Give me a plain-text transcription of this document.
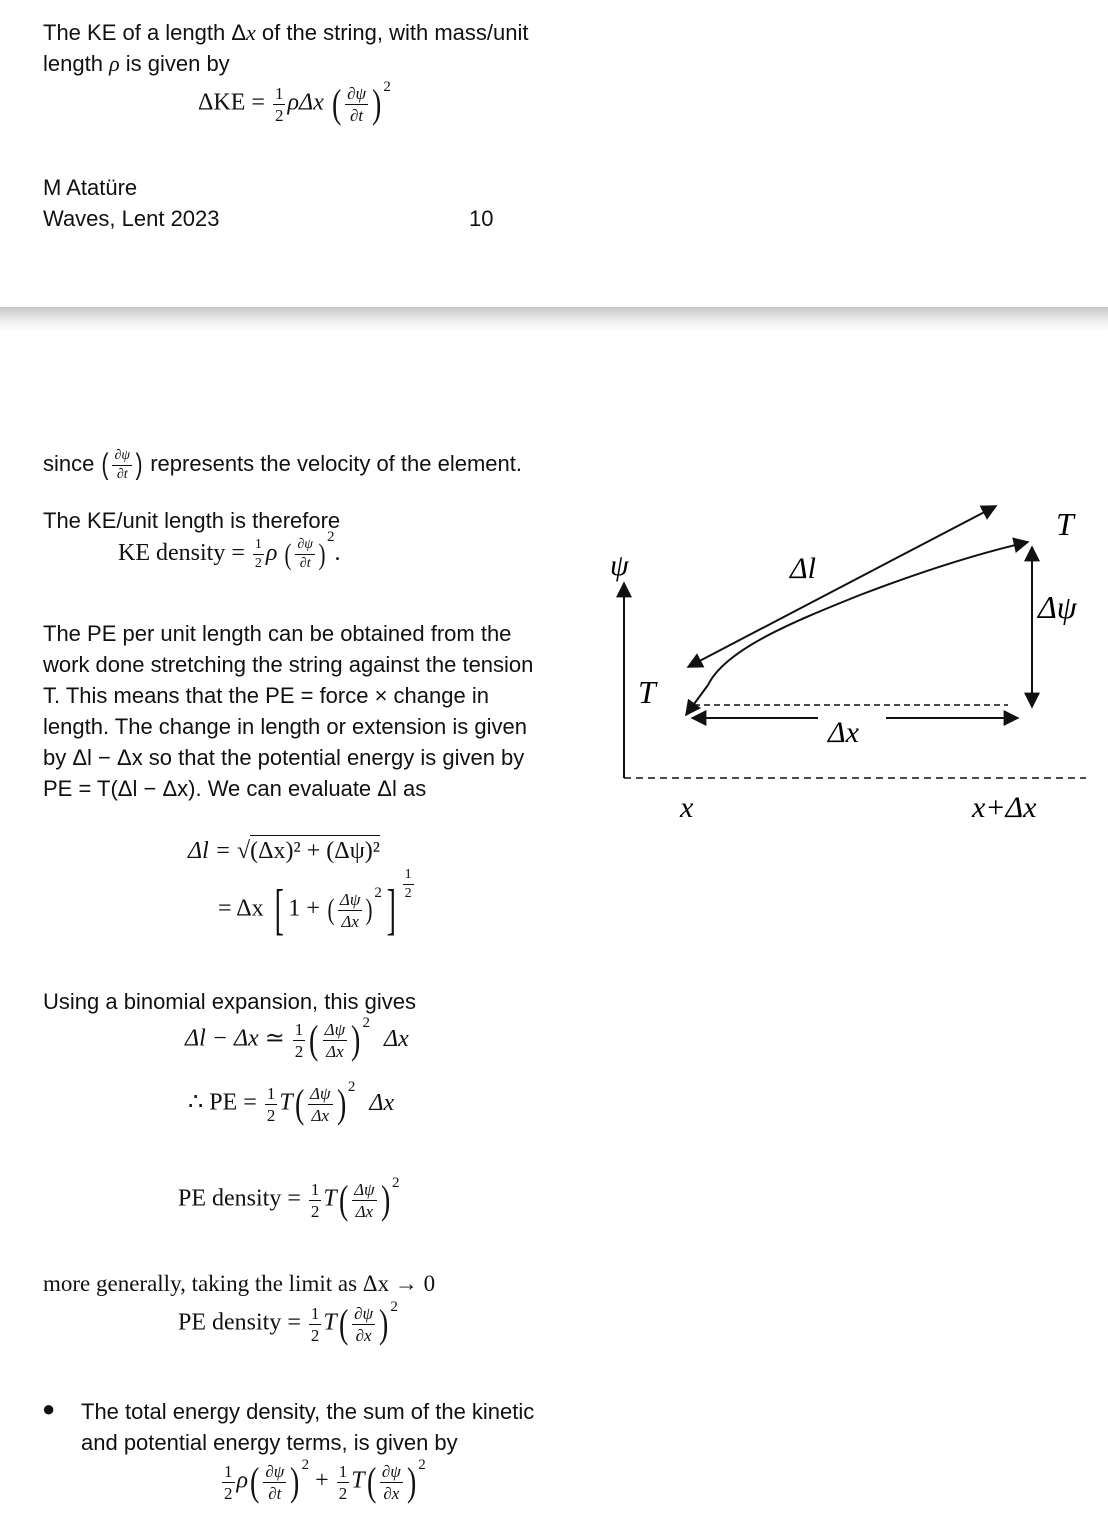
The KE of a length Δx of the string, with mass/unit
length ρ is given by
$\Delta KE = \frac{1}{2}$ ρΔx ( $\frac{\partial\psi}{\partial t}$ ) $^2$
M Atatüre
Waves, Lent 2023	10
since ( $\frac{\partial\psi}{\partial t}$ ) represents the velocity of the element.
The KE/unit length is therefore
KE density = $\frac{1}{2}$ ρ ( $\frac{\partial\psi}{\partial t} )^2$.
The PE per unit length can be obtained from the
work done stretching the string against the tension
T. This means that the PE = force × change in
length. The change in length or extension is given
by Δl − Δx so that the potential energy is given by
PE = T(Δl − Δx). We can evaluate Δl as
Δl = √(Δx)² + (Δψ)²
= Δx [ 1 + ( $\frac{\Delta\psi}{\Delta x} )^2] \frac{1}{2}$
Using a binomial expansion, this gives
Δl − Δx ≃ $\frac{1}{2}$ ( $\frac{\Delta\psi}{\Delta x}$ ) $^2$ Δx
∴ PE = $\frac{1}{2} T( \frac{\Delta\psi}{\Delta x}$ ) $^2$ Δx
PE density = $\frac{1}{2} T( \frac{\Delta\psi}{\Delta x}$ ) $^2$
more generally, taking the limit as Δx → 0
PE density = $\frac{1}{2} T( \frac{\partial\psi}{\partial x}$ ) $^2$
● The total energy density, the sum of the kinetic
and potential energy terms, is given by
$\frac{1}{2} \rho( \frac{\partial\psi}{\partial t}$ ) $^2 + \frac{1}{2} T( \frac{\partial\psi}{\partial x}$ ) $^2$
ψ	Δl
T
Δψ
T
Δx
x	x+Δx
